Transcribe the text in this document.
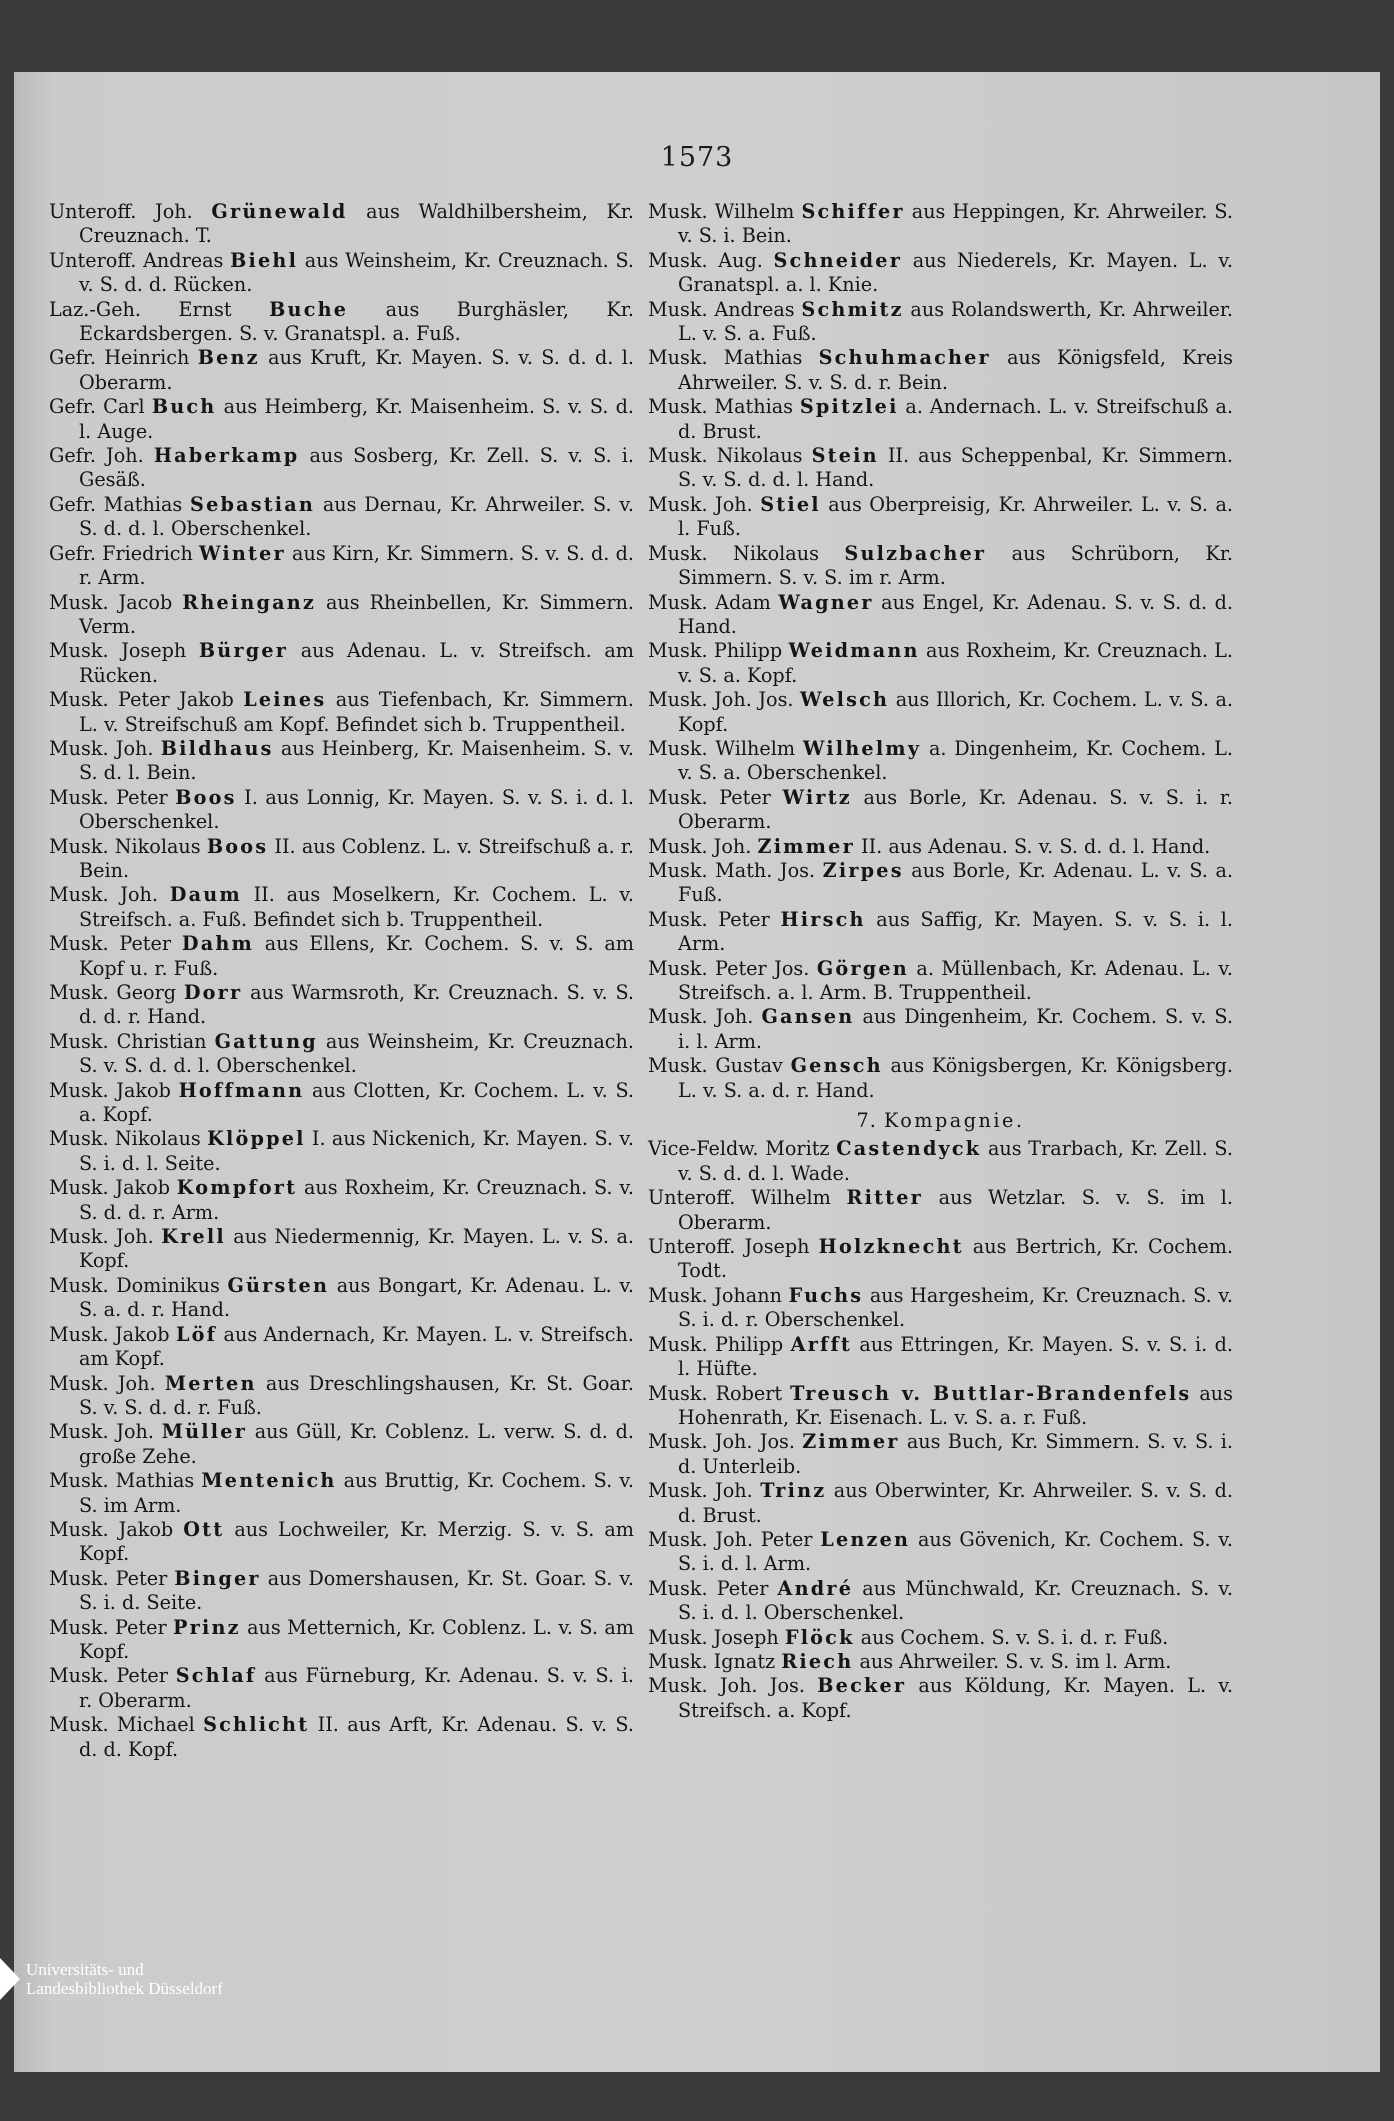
1573

Unteroff. Joh. Grünewald aus Waldhilbersheim, Kr. Creuznach. T.

Unteroff. Andreas Biehl aus Weinsheim, Kr. Creuznach. S. v. S. d. d. Rücken.

Laz.-Geh. Ernst Buche aus Burghäsler, Kr. Eckardsbergen. S. v. Granatspl. a. Fuß.

Gefr. Heinrich Benz aus Kruft, Kr. Mayen. S. v. S. d. d. l. Oberarm.

Gefr. Carl Buch aus Heimberg, Kr. Maisenheim. S. v. S. d. l. Auge.

Gefr. Joh. Haberkamp aus Sosberg, Kr. Zell. S. v. S. i. Gesäß.

Gefr. Mathias Sebastian aus Dernau, Kr. Ahrweiler. S. v. S. d. d. l. Oberschenkel.

Gefr. Friedrich Winter aus Kirn, Kr. Simmern. S. v. S. d. d. r. Arm.

Musk. Jacob Rheinganz aus Rheinbellen, Kr. Simmern. Verm.

Musk. Joseph Bürger aus Adenau. L. v. Streifsch. am Rücken.

Musk. Peter Jakob Leines aus Tiefenbach, Kr. Simmern. L. v. Streifschuß am Kopf. Befindet sich b. Truppentheil.

Musk. Joh. Bildhaus aus Heinberg, Kr. Maisenheim. S. v. S. d. l. Bein.

Musk. Peter Boos I. aus Lonnig, Kr. Mayen. S. v. S. i. d. l. Oberschenkel.

Musk. Nikolaus Boos II. aus Coblenz. L. v. Streifschuß a. r. Bein.

Musk. Joh. Daum II. aus Moselkern, Kr. Cochem. L. v. Streifsch. a. Fuß. Befindet sich b. Truppentheil.

Musk. Peter Dahm aus Ellens, Kr. Cochem. S. v. S. am Kopf u. r. Fuß.

Musk. Georg Dorr aus Warmsroth, Kr. Creuznach. S. v. S. d. d. r. Hand.

Musk. Christian Gattung aus Weinsheim, Kr. Creuznach. S. v. S. d. d. l. Oberschenkel.

Musk. Jakob Hoffmann aus Clotten, Kr. Cochem. L. v. S. a. Kopf.

Musk. Nikolaus Klöppel I. aus Nickenich, Kr. Mayen. S. v. S. i. d. l. Seite.

Musk. Jakob Kompfort aus Roxheim, Kr. Creuznach. S. v. S. d. d. r. Arm.

Musk. Joh. Krell aus Niedermennig, Kr. Mayen. L. v. S. a. Kopf.

Musk. Dominikus Gürsten aus Bongart, Kr. Adenau. L. v. S. a. d. r. Hand.

Musk. Jakob Löf aus Andernach, Kr. Mayen. L. v. Streifsch. am Kopf.

Musk. Joh. Merten aus Dreschlingshausen, Kr. St. Goar. S. v. S. d. d. r. Fuß.

Musk. Joh. Müller aus Güll, Kr. Coblenz. L. verw. S. d. d. große Zehe.

Musk. Mathias Mentenich aus Bruttig, Kr. Cochem. S. v. S. im Arm.

Musk. Jakob Ott aus Lochweiler, Kr. Merzig. S. v. S. am Kopf.

Musk. Peter Binger aus Domershausen, Kr. St. Goar. S. v. S. i. d. Seite.

Musk. Peter Prinz aus Metternich, Kr. Coblenz. L. v. S. am Kopf.

Musk. Peter Schlaf aus Fürneburg, Kr. Adenau. S. v. S. i. r. Oberarm.

Musk. Michael Schlicht II. aus Arft, Kr. Adenau. S. v. S. d. d. Kopf.

Musk. Wilhelm Schiffer aus Heppingen, Kr. Ahrweiler. S. v. S. i. Bein.

Musk. Aug. Schneider aus Niederels, Kr. Mayen. L. v. Granatspl. a. l. Knie.

Musk. Andreas Schmitz aus Rolandswerth, Kr. Ahrweiler. L. v. S. a. Fuß.

Musk. Mathias Schuhmacher aus Königsfeld, Kreis Ahrweiler. S. v. S. d. r. Bein.

Musk. Mathias Spitzlei a. Andernach. L. v. Streifschuß a. d. Brust.

Musk. Nikolaus Stein II. aus Scheppenbal, Kr. Simmern. S. v. S. d. d. l. Hand.

Musk. Joh. Stiel aus Oberpreisig, Kr. Ahrweiler. L. v. S. a. l. Fuß.

Musk. Nikolaus Sulzbacher aus Schrüborn, Kr. Simmern. S. v. S. im r. Arm.

Musk. Adam Wagner aus Engel, Kr. Adenau. S. v. S. d. d. Hand.

Musk. Philipp Weidmann aus Roxheim, Kr. Creuznach. L. v. S. a. Kopf.

Musk. Joh. Jos. Welsch aus Illorich, Kr. Cochem. L. v. S. a. Kopf.

Musk. Wilhelm Wilhelmy a. Dingenheim, Kr. Cochem. L. v. S. a. Oberschenkel.

Musk. Peter Wirtz aus Borle, Kr. Adenau. S. v. S. i. r. Oberarm.

Musk. Joh. Zimmer II. aus Adenau. S. v. S. d. d. l. Hand.

Musk. Math. Jos. Zirpes aus Borle, Kr. Adenau. L. v. S. a. Fuß.

Musk. Peter Hirsch aus Saffig, Kr. Mayen. S. v. S. i. l. Arm.

Musk. Peter Jos. Görgen a. Müllenbach, Kr. Adenau. L. v. Streifsch. a. l. Arm. B. Truppentheil.

Musk. Joh. Gansen aus Dingenheim, Kr. Cochem. S. v. S. i. l. Arm.

Musk. Gustav Gensch aus Königsbergen, Kr. Königsberg. L. v. S. a. d. r. Hand.

7. Kompagnie.

Vice-Feldw. Moritz Castendyck aus Trarbach, Kr. Zell. S. v. S. d. d. l. Wade.

Unteroff. Wilhelm Ritter aus Wetzlar. S. v. S. im l. Oberarm.

Unteroff. Joseph Holzknecht aus Bertrich, Kr. Cochem. Todt.

Musk. Johann Fuchs aus Hargesheim, Kr. Creuznach. S. v. S. i. d. r. Oberschenkel.

Musk. Philipp Arfft aus Ettringen, Kr. Mayen. S. v. S. i. d. l. Hüfte.

Musk. Robert Treusch v. Buttlar-Brandenfels aus Hohenrath, Kr. Eisenach. L. v. S. a. r. Fuß.

Musk. Joh. Jos. Zimmer aus Buch, Kr. Simmern. S. v. S. i. d. Unterleib.

Musk. Joh. Trinz aus Oberwinter, Kr. Ahrweiler. S. v. S. d. d. Brust.

Musk. Joh. Peter Lenzen aus Gövenich, Kr. Cochem. S. v. S. i. d. l. Arm.

Musk. Peter André aus Münchwald, Kr. Creuznach. S. v. S. i. d. l. Oberschenkel.

Musk. Joseph Flöck aus Cochem. S. v. S. i. d. r. Fuß.

Musk. Ignatz Riech aus Ahrweiler. S. v. S. im l. Arm.

Musk. Joh. Jos. Becker aus Köldung, Kr. Mayen. L. v. Streifsch. a. Kopf.

Universitäts- und
Landesbibliothek Düsseldorf
